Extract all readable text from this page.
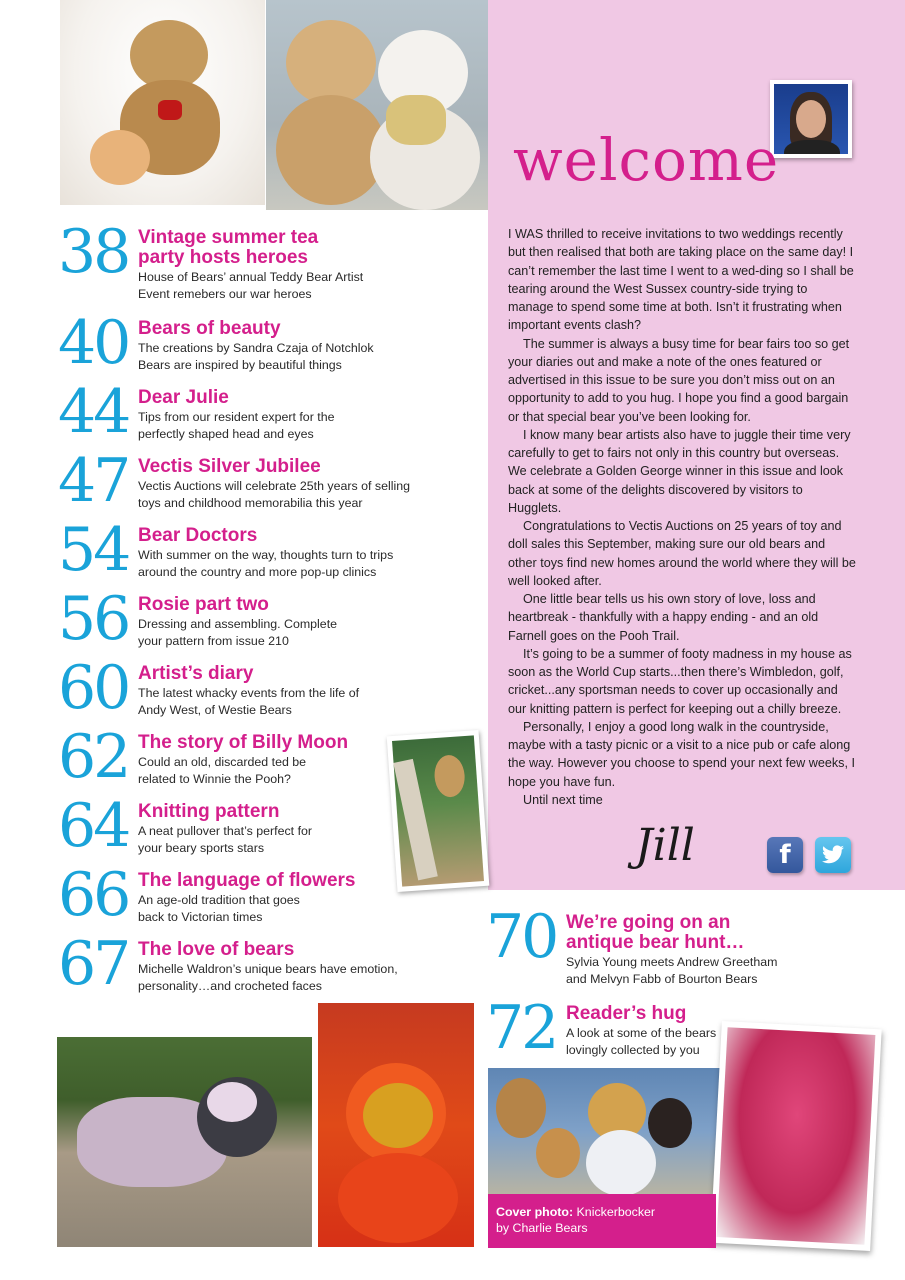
welcome

I WAS thrilled to receive invitations to two weddings recently but then realised that both are taking place on the same day! I can’t remember the last time I went to a wed-ding so I shall be tearing around the West Sussex country-side trying to manage to spend some time at both. Isn’t it frustrating when important events clash?

The summer is always a busy time for bear fairs too so get your diaries out and make a note of the ones featured or advertised in this issue to be sure you don’t miss out on an opportunity to add to you hug. I hope you find a good bargain or that special bear you’ve been looking for.

I know many bear artists also have to juggle their time very carefully to get to fairs not only in this country but overseas. We celebrate a Golden George winner in this issue and look back at some of the delights discovered by visitors to Hugglets.

Congratulations to Vectis Auctions on 25 years of toy and doll sales this September, making sure our old bears and other toys find new homes around the world where they will be well looked after.

One little bear tells us his own story of love, loss and heartbreak - thankfully with a happy ending - and an old Farnell goes on the Pooh Trail.

It’s going to be a summer of footy madness in my house as soon as the World Cup starts...then there’s Wimbledon, golf, cricket...any sportsman needs to cover up occasionally and our knitting pattern is perfect for keeping out a chilly breeze.

Personally, I enjoy a good long walk in the countryside, maybe with a tasty picnic or a visit to a nice pub or cafe along the way. However you choose to spend your next few weeks, I hope you have fun.

Until next time

Jill	f
38 Vintage summer tea party hosts heroes
House of Bears’ annual Teddy Bear Artist Event remebers our war heroes
40 Bears of beauty
The creations by Sandra Czaja of Notchlok Bears are inspired by beautiful things
44 Dear Julie
Tips from our resident expert for the perfectly shaped head and eyes
47 Vectis Silver Jubilee
Vectis Auctions will celebrate 25th years of selling toys and childhood memorabilia this year
54 Bear Doctors
With summer on the way, thoughts turn to trips around the country and more pop-up clinics
56 Rosie part two
Dressing and assembling. Complete your pattern from issue 210
60 Artist’s diary
The latest whacky events from the life of Andy West, of Westie Bears
62 The story of Billy Moon
Could an old, discarded ted be related to Winnie the Pooh?
64 Knitting pattern
A neat pullover that’s perfect for your beary sports stars
66 The language of flowers
An age-old tradition that goes back to Victorian times
67 The love of bears
Michelle Waldron’s unique bears have emotion, personality…and crocheted faces
70 We’re going on an antique bear hunt…
Sylvia Young meets Andrew Greetham and Melvyn Fabb of Bourton Bears
72 Reader’s hug
A look at some of the bears lovingly collected by you
Cover photo: Knickerbocker
by Charlie Bears
